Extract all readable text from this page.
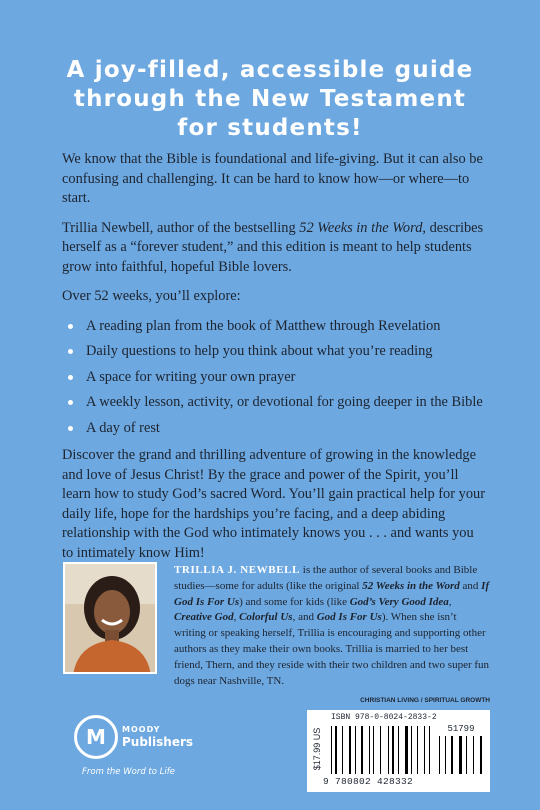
A joy-filled, accessible guide
through the New Testament
for students!

We know that the Bible is foundational and life-giving. But it can also be confusing and challenging. It can be hard to know how—or where—to start.

Trillia Newbell, author of the bestselling 52 Weeks in the Word, describes herself as a “forever student,” and this edition is meant to help students grow into faithful, hopeful Bible lovers.

Over 52 weeks, you’ll explore:

A reading plan from the book of Matthew through Revelation
Daily questions to help you think about what you’re reading
A space for writing your own prayer
A weekly lesson, activity, or devotional for going deeper in the Bible
A day of rest

Discover the grand and thrilling adventure of growing in the knowledge and love of Jesus Christ! By the grace and power of the Spirit, you’ll learn how to study God’s sacred Word. You’ll gain practical help for your daily life, hope for the hardships you’re facing, and a deep abiding relationship with the God who intimately knows you . . . and wants you to intimately know Him!

TRILLIA J. NEWBELL is the author of several books and Bible studies—some for adults (like the original 52 Weeks in the Word and If God Is For Us) and some for kids (like God’s Very Good Idea, Creative God, Colorful Us, and God Is For Us). When she isn’t writing or speaking herself, Trillia is encouraging and supporting other authors as they make their own books. Trillia is married to her best friend, Thern, and they reside with their two children and two super fun dogs near Nashville, TN.
M	MOODY
Publishers
From the Word to Life
CHRISTIAN LIVING / SPIRITUAL GROWTH
$17.99 US
ISBN 978-0-8024-2833-2
51799
9 780802 428332
